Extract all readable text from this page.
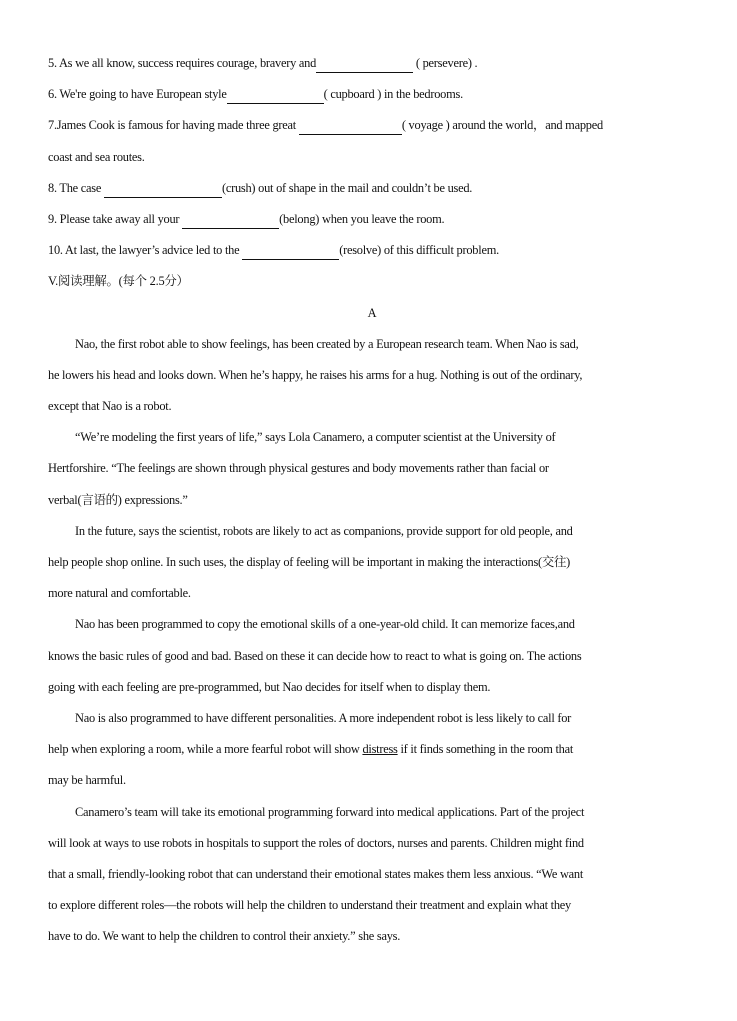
5. As we all know, success requires courage, bravery and	( persevere) .
6. We're going to have European style	( cupboard ) in the bedrooms.
7.James Cook is famous for having made three great	( voyage ) around the world，and mapped
coast and sea routes.
8. The case	(crush) out of shape in the mail and couldn’t be used.
9. Please take away all your	(belong) when you leave the room.
10. At last, the lawyer’s advice led to the	(resolve) of this difficult problem.
V.阅读理解。(每个 2.5分）
A
Nao, the first robot able to show feelings, has been created by a European research team. When Nao is sad,
he lowers his head and looks down. When he’s happy, he raises his arms for a hug. Nothing is out of the ordinary,
except that Nao is a robot.
“We’re modeling the first years of life,” says Lola Canamero, a computer scientist at the University of
Hertforshire. “The feelings are shown through physical gestures and body movements rather than facial or
verbal(言语的) expressions.”
In the future, says the scientist, robots are likely to act as companions, provide support for old people, and
help people shop online. In such uses, the display of feeling will be important in making the interactions(交往)
more natural and comfortable.
Nao has been programmed to copy the emotional skills of a one-year-old child. It can memorize faces,and
knows the basic rules of good and bad. Based on these it can decide how to react to what is going on. The actions
going with each feeling are pre-programmed, but Nao decides for itself when to display them.
Nao is also programmed to have different personalities. A more independent robot is less likely to call for
help when exploring a room, while a more fearful robot will show distress if it finds something in the room that
may be harmful.
Canamero’s team will take its emotional programming forward into medical applications. Part of the project
will look at ways to use robots in hospitals to support the roles of doctors, nurses and parents. Children might find
that a small, friendly-looking robot that can understand their emotional states makes them less anxious. “We want
to explore different roles—the robots will help the children to understand their treatment and explain what they
have to do. We want to help the children to control their anxiety.” she says.
